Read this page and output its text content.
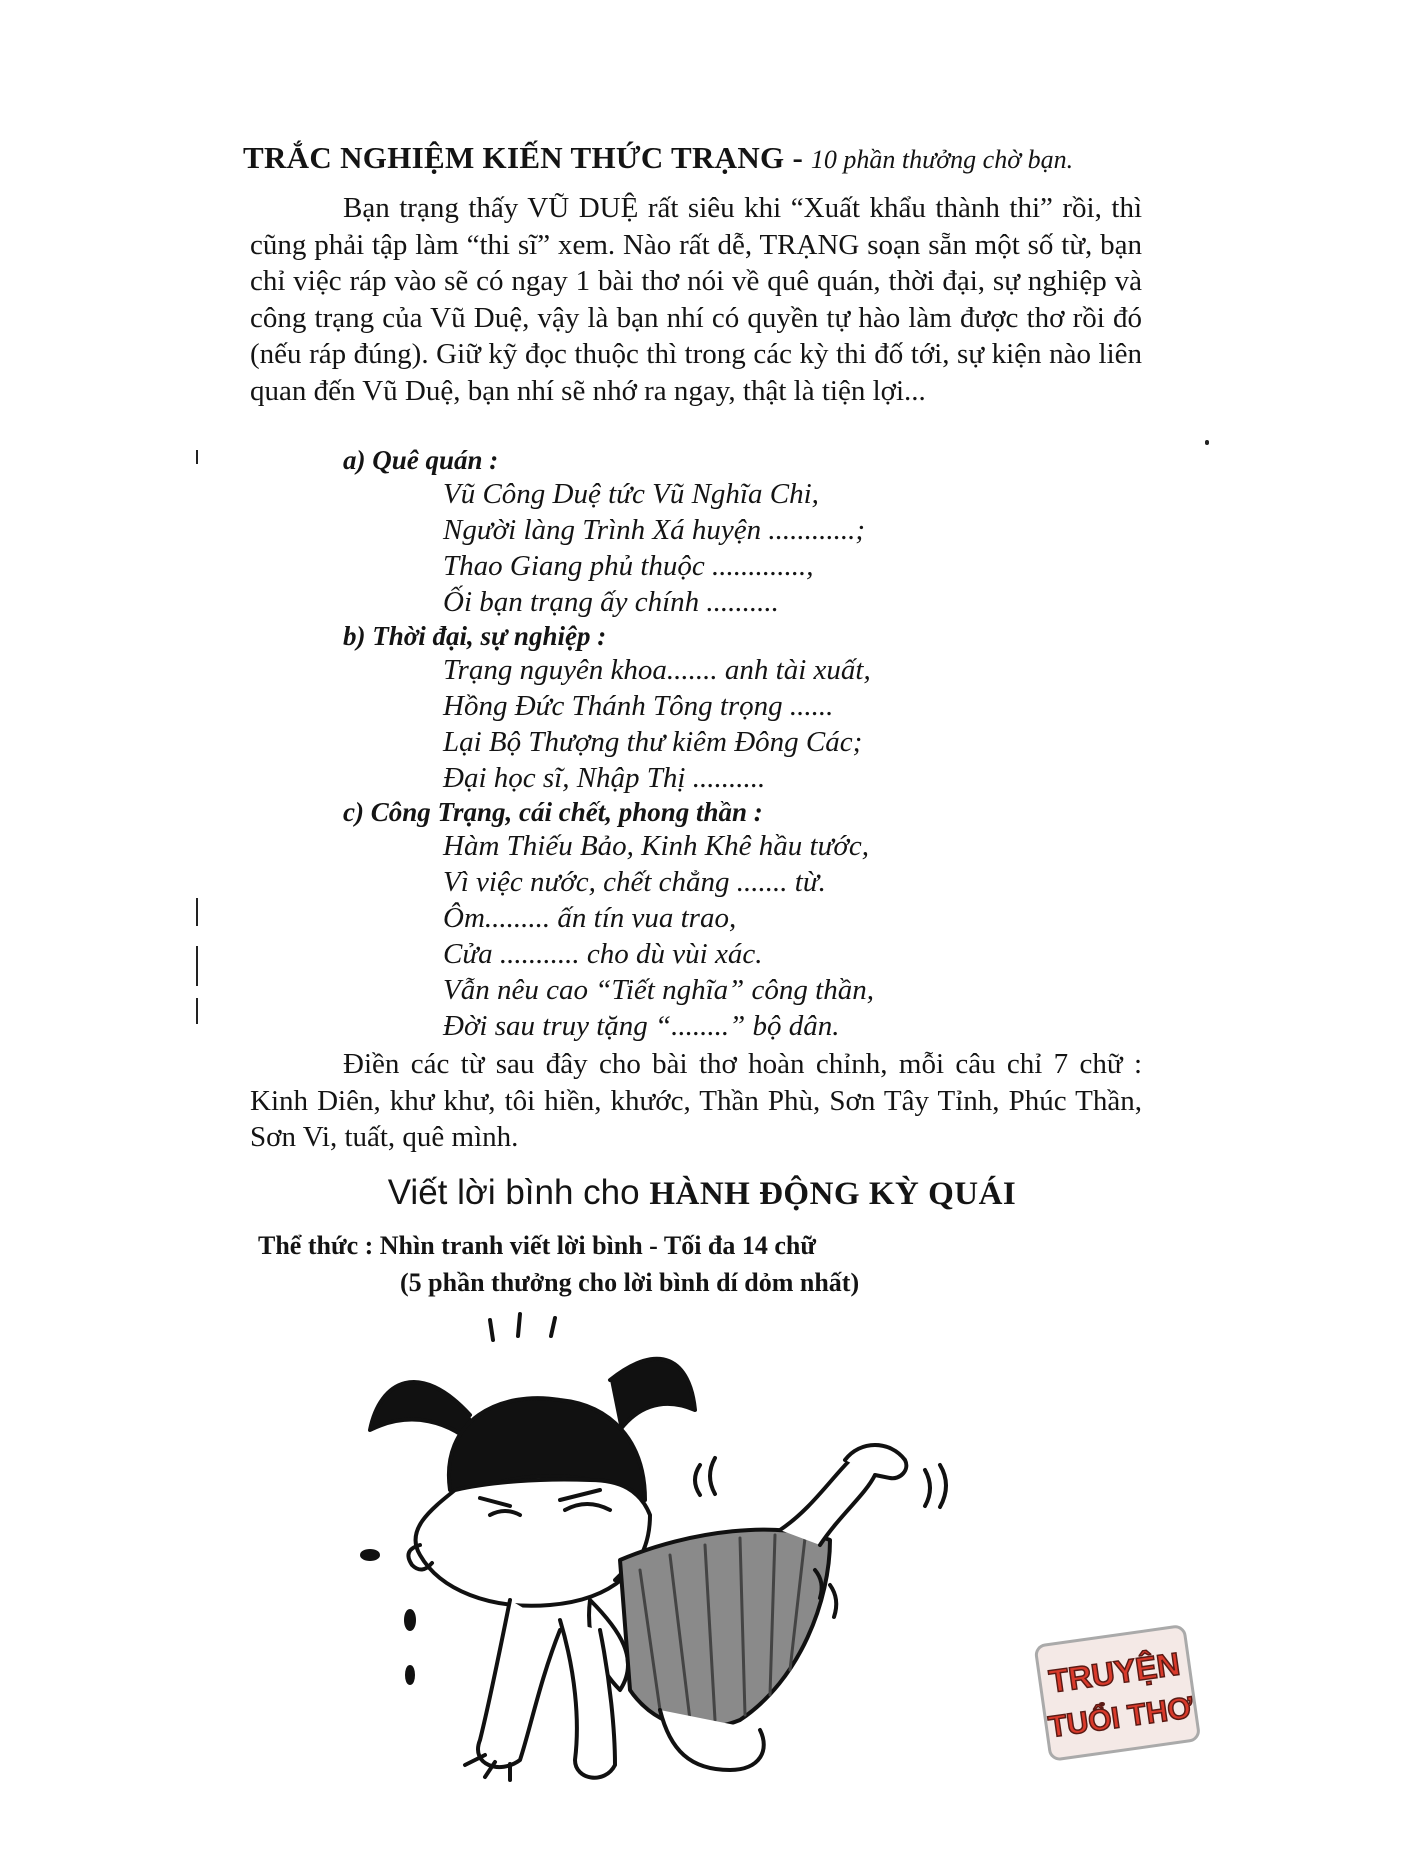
TRẮC NGHIỆM KIẾN THỨC TRẠNG - 10 phần thưởng chờ bạn.

Bạn trạng thấy VŨ DUỆ rất siêu khi “Xuất khẩu thành thi” rồi, thì cũng phải tập làm “thi sĩ” xem. Nào rất dễ, TRẠNG soạn sẵn một số từ, bạn chỉ việc ráp vào sẽ có ngay 1 bài thơ nói về quê quán, thời đại, sự nghiệp và công trạng của Vũ Duệ, vậy là bạn nhí có quyền tự hào làm được thơ rồi đó (nếu ráp đúng). Giữ kỹ đọc thuộc thì trong các kỳ thi đố tới, sự kiện nào liên quan đến Vũ Duệ, bạn nhí sẽ nhớ ra ngay, thật là tiện lợi...

a) Quê quán :
Vũ Công Duệ tức Vũ Nghĩa Chi,
Người làng Trình Xá huyện ............;
Thao Giang phủ thuộc .............,
Ối bạn trạng ấy chính ..........
b) Thời đại, sự nghiệp :
Trạng nguyên khoa....... anh tài xuất,
Hồng Đức Thánh Tông trọng ......
Lại Bộ Thượng thư kiêm Đông Các;
Đại học sĩ, Nhập Thị ..........
c) Công Trạng, cái chết, phong thần :
Hàm Thiếu Bảo, Kinh Khê hầu tước,
Vì việc nước, chết chẳng ....... từ.
Ôm......... ấn tín vua trao,
Cửa ........... cho dù vùi xác.
Vẫn nêu cao “Tiết nghĩa” công thần,
Đời sau truy tặng “........” bộ dân.

Điền các từ sau đây cho bài thơ hoàn chỉnh, mỗi câu chỉ 7 chữ : Kinh Diên, khư khư, tôi hiền, khước, Thần Phù, Sơn Tây Tỉnh, Phúc Thần, Sơn Vi, tuất, quê mình.

Viết lời bình cho HÀNH ĐỘNG KỲ QUÁI
Thể thức : Nhìn tranh viết lời bình - Tối đa 14 chữ
(5 phần thưởng cho lời bình dí dỏm nhất)
TRUYỆN
TUỔI THƠ
